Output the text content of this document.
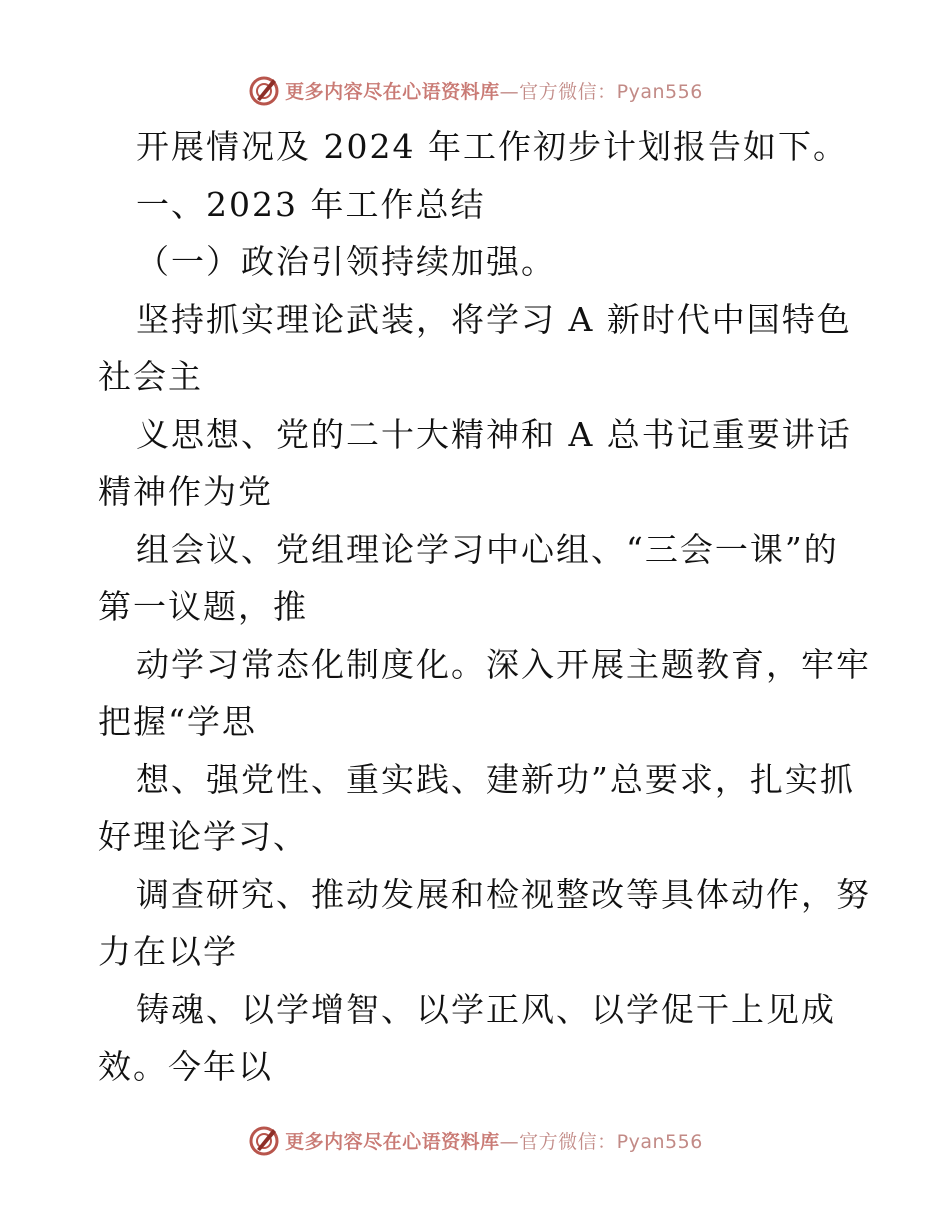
更多内容尽在心语资料库—官方微信：Pyan556
开展情况及 2024 年工作初步计划报告如下。
一、2023 年工作总结
（一）政治引领持续加强。
坚持抓实理论武装，将学习 A 新时代中国特色
社会主
义思想、党的二十大精神和 A 总书记重要讲话
精神作为党
组会议、党组理论学习中心组、“三会一课”的
第一议题，推
动学习常态化制度化。深入开展主题教育，牢牢
把握“学思
想、强党性、重实践、建新功”总要求，扎实抓
好理论学习、
调查研究、推动发展和检视整改等具体动作，努
力在以学
铸魂、以学增智、以学正风、以学促干上见成
效。今年以
更多内容尽在心语资料库—官方微信：Pyan556
